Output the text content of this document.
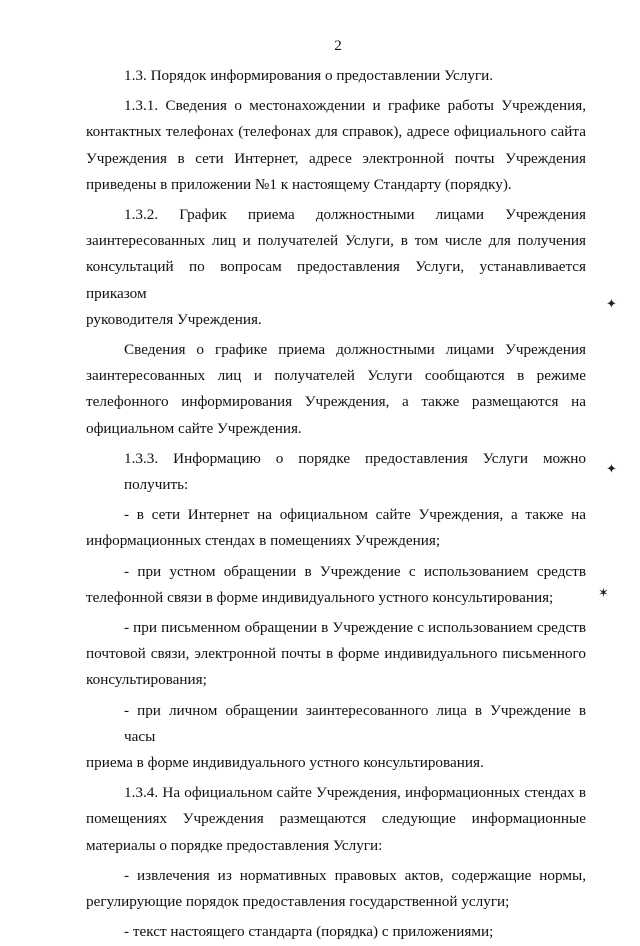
2
1.3. Порядок информирования о предоставлении Услуги.
1.3.1. Сведения о местонахождении и графике работы Учреждения,
контактных телефонах (телефонах для справок), адресе официального сайта
Учреждения в сети Интернет, адресе электронной почты Учреждения
приведены в приложении №1 к настоящему Стандарту (порядку).
1.3.2. График приема должностными лицами Учреждения
заинтересованных лиц и получателей Услуги, в том числе для получения
консультаций по вопросам предоставления Услуги, устанавливается приказом
руководителя Учреждения.
Сведения о графике приема должностными лицами Учреждения
заинтересованных лиц и получателей Услуги сообщаются в режиме
телефонного информирования Учреждения, а также размещаются на
официальном сайте Учреждения.
1.3.3. Информацию о порядке предоставления Услуги можно получить:
- в сети Интернет на официальном сайте Учреждения, а также на
информационных стендах в помещениях Учреждения;
- при устном обращении в Учреждение с использованием средств
телефонной связи в форме индивидуального устного консультирования;
- при письменном обращении в Учреждение с использованием средств
почтовой связи, электронной почты в форме индивидуального письменного
консультирования;
- при личном обращении заинтересованного лица в Учреждение в часы
приема в форме индивидуального устного консультирования.
1.3.4. На официальном сайте Учреждения, информационных стендах в
помещениях Учреждения размещаются следующие информационные
материалы о порядке предоставления Услуги:
- извлечения из нормативных правовых актов, содержащие нормы,
регулирующие порядок предоставления государственной услуги;
- текст настоящего стандарта (порядка) с приложениями;
✦
✦
✶
